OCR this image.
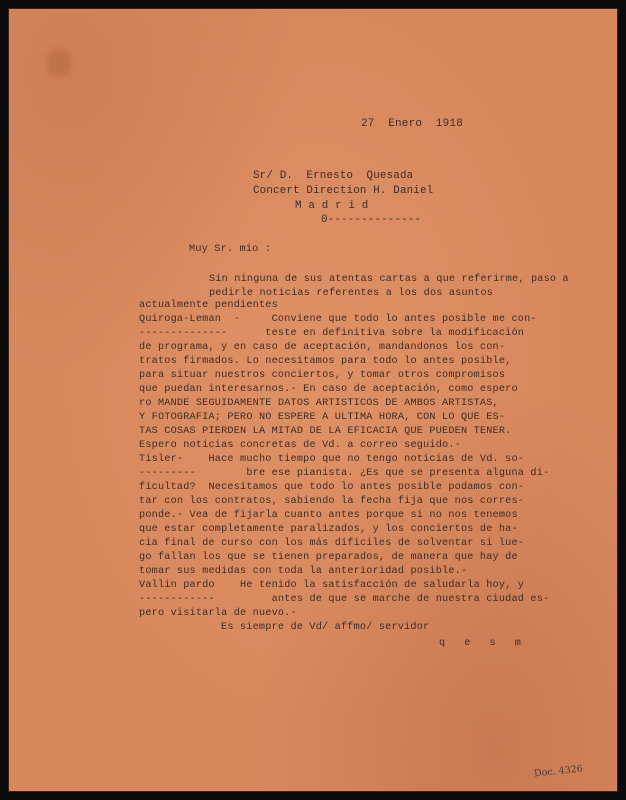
27  Enero  1918
Sr/ D.  Ernesto  Quesada
Concert Direction H. Daniel
M a d r i d
0--------------
Muy Sr. mio :
Sin ninguna de sus atentas cartas a que referirme, paso a pedirle noticias referentes a los dos asuntos
actualmente pendientes
Quiroga-Leman  -     Conviene que todo lo antes posible me con-
--------------      teste en definitiva sobre la modificación
de programa, y en caso de aceptación, mandandonos los con-
tratos firmados. Lo necesitamos para todo lo antes posible,
para situar nuestros conciertos, y tomar otros compromisos
que puedan interesarnos.- En caso de aceptación, como espero
ro MANDE SEGUIDAMENTE DATOS ARTISTICOS DE AMBOS ARTISTAS,
Y FOTOGRAFIA; PERO NO ESPERE A ULTIMA HORA, CON LO QUE ES-
TAS COSAS PIERDEN LA MITAD DE LA EFICACIA QUE PUEDEN TENER.
Espero noticias concretas de Vd. a correo seguido.-
Tisler-    Hace mucho tiempo que no tengo noticias de Vd. so-
---------        bre ese pianista. ¿Es que se presenta alguna di-
ficultad?  Necesitamos que todo lo antes posible podamos con-
tar con los contratos, sabiendo la fecha fija que nos corres-
ponde.- Vea de fijarla cuanto antes porque si no nos tenemos
que estar completamente paralizados, y los conciertos de ha-
cia final de curso con los más dificiles de solventar si lue-
go fallan los que se tienen preparados, de manera que hay de
tomar sus medidas con toda la anterioridad posible.-
Vallin pardo    He tenido la satisfacción de saludarla hoy, y
------------         antes de que se marche de nuestra ciudad es-
pero visitarla de nuevo.-
Es siempre de Vd/ affmo/ servidor
q   e   s   m
Doc. 4326
